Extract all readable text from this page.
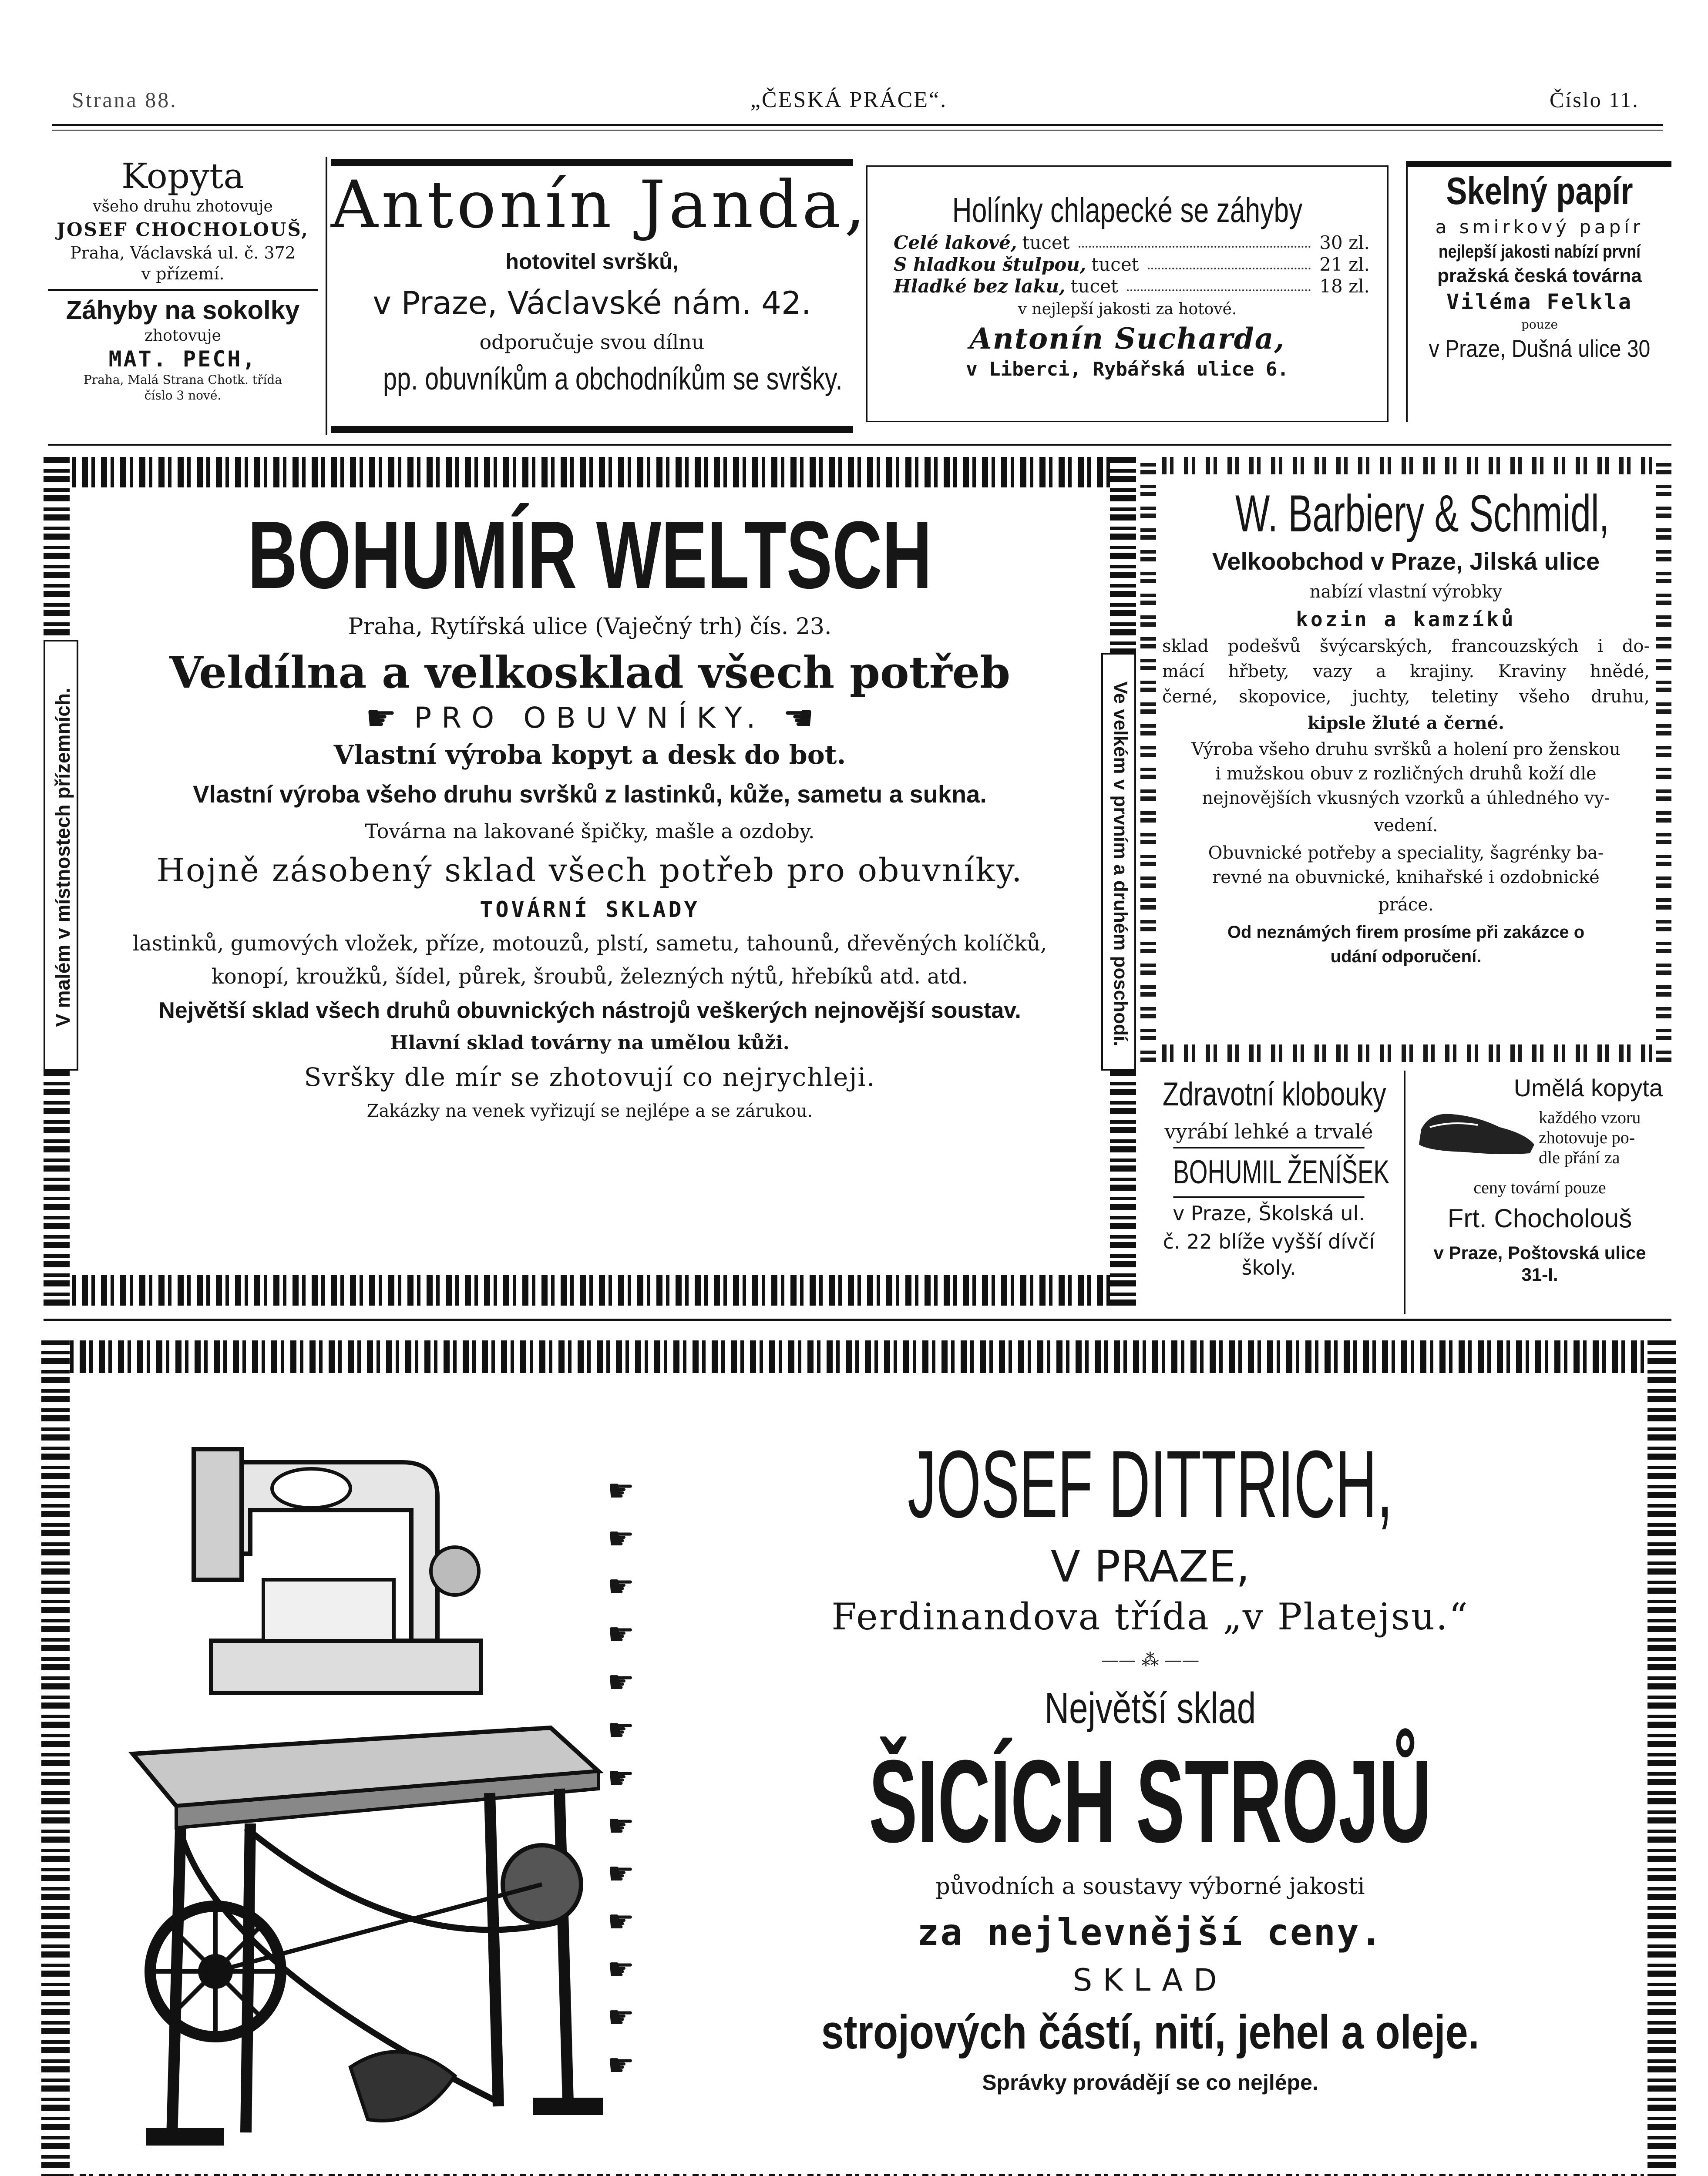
Strana 88.	„ČESKÁ PRÁCE“.	Číslo 11.
Kopyta
všeho druhu zhotovuje
JOSEF CHOCHOLOUŠ,
Praha, Václavská ul. č. 372
v přízemí.
Záhyby na sokolky
zhotovuje
MAT. PECH,
Praha, Malá Strana Chotk. třída
číslo 3 nové.
Antonín Janda,
hotovitel svršků,
v Praze, Václavské nám. 42.
odporučuje svou dílnu
pp. obuvníkům a obchodníkům se svršky.
Holínky chlapecké se záhyby
Celé lakové, tucet	30 zl.
S hladkou štulpou, tucet	21 zl.
Hladké bez laku, tucet	18 zl.
v nejlepší jakosti za hotové.
Antonín Sucharda,
v Liberci, Rybářská ulice 6.
Skelný papír
a smirkový papír
nejlepší jakosti nabízí první
pražská česká továrna
Viléma Felkla
pouze
v Praze, Dušná ulice 30
V malém v místnostech přízemních.	Ve velkém v prvním a druhém poschodí.
BOHUMÍR WELTSCH
Praha, Rytířská ulice (Vaječný trh) čís. 23.
Veldílna a velkosklad všech potřeb
☛ PRO OBUVNÍKY. ☚
Vlastní výroba kopyt a desk do bot.
Vlastní výroba všeho druhu svršků z lastinků, kůže, sametu a sukna.
Továrna na lakované špičky, mašle a ozdoby.
Hojně zásobený sklad všech potřeb pro obuvníky.
TOVÁRNÍ SKLADY
lastinků, gumových vložek, příze, motouzů, plstí, sametu, tahounů, dřevěných kolíčků,
konopí, kroužků, šídel, půrek, šroubů, železných nýtů, hřebíků atd. atd.
Největší sklad všech druhů obuvnických nástrojů veškerých nejnovější soustav.
Hlavní sklad továrny na umělou kůži.
Svršky dle mír se zhotovují co nejrychleji.
Zakázky na venek vyřizují se nejlépe a se zárukou.
W. Barbiery & Schmidl,
Velkoobchod v Praze, Jilská ulice
nabízí vlastní výrobky
kozin a kamzíků
sklad podešvů švýcarských, francouzských i do-
mácí hřbety, vazy a krajiny. Kraviny hnědé,
černé, skopovice, juchty, teletiny všeho druhu,
kipsle žluté a černé.
Výroba všeho druhu svršků a holení pro ženskou
i mužskou obuv z rozličných druhů koží dle
nejnovějších vkusných vzorků a úhledného vy-
vedení.
Obuvnické potřeby a speciality, šagrénky ba-
revné na obuvnické, knihařské i ozdobnické
práce.
Od neznámých firem prosíme při zakázce o
udání odporučení.
Zdravotní klobouky
vyrábí lehké a trvalé
BOHUMIL ŽENÍŠEK
v Praze, Školská ul.
č. 22 blíže vyšší dívčí
školy.
Umělá kopyta
každého vzoru
zhotovuje po-
dle přání za
ceny tovární pouze
Frt. Chocholouš
v Praze, Poštovská ulice
31-I.
☛
☛
☛
☛
☛
☛
☛
☛
☛
☛
☛
☛
☛
JOSEF DITTRICH,
V PRAZE,
Ferdinandova třída „v Platejsu.“
—— ⁂ ——
Největší sklad
ŠICÍCH STROJŮ
původních a soustavy výborné jakosti
za nejlevnější ceny.
SKLAD
strojových částí, nití, jehel a oleje.
Správky provádějí se co nejlépe.
